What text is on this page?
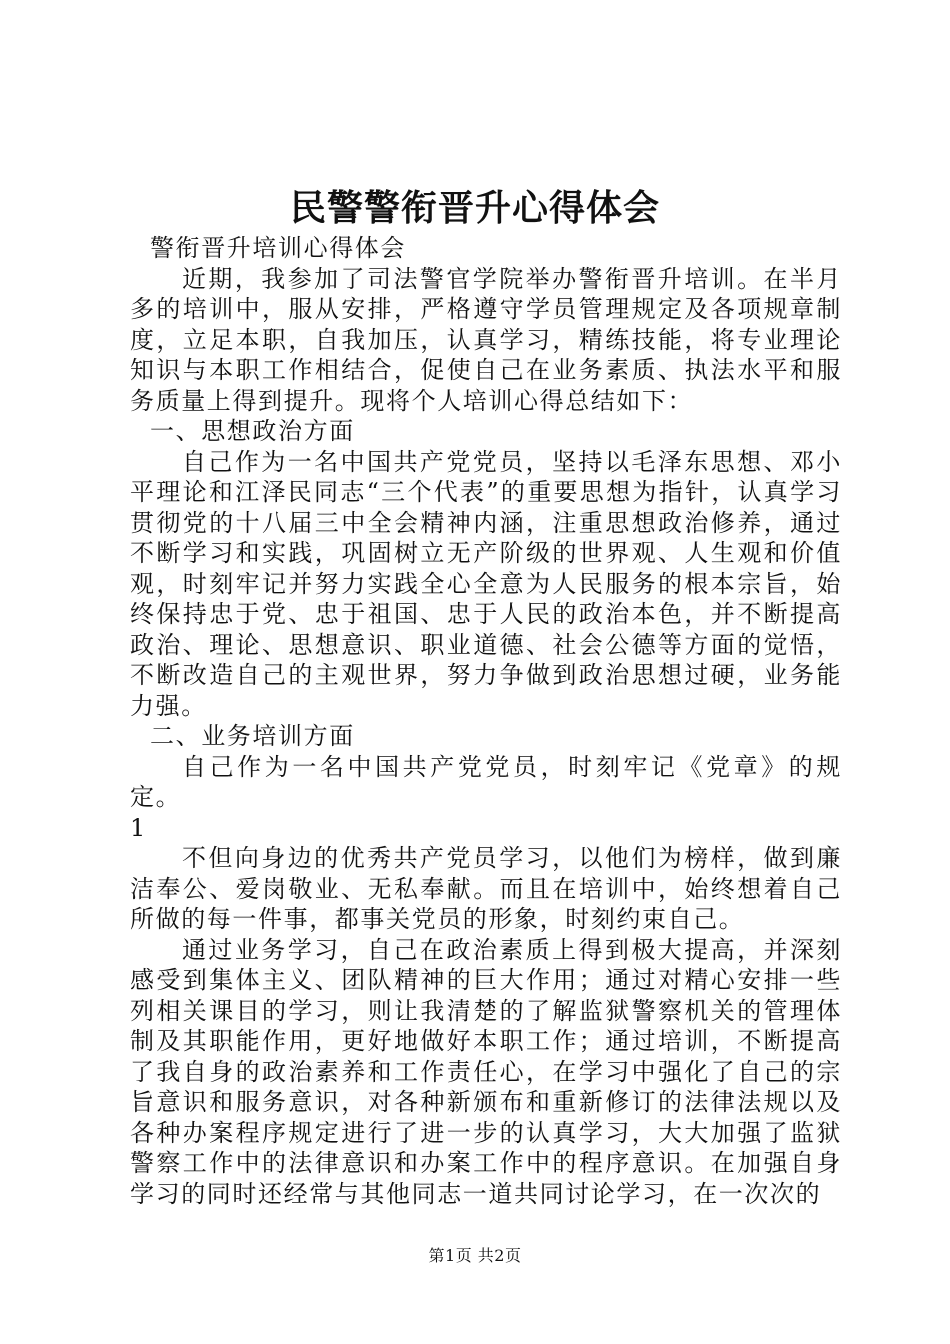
民警警衔晋升心得体会

警衔晋升培训心得体会

近期，我参加了司法警官学院举办警衔晋升培训。在半月多的培训中，服从安排，严格遵守学员管理规定及各项规章制度，立足本职，自我加压，认真学习，精练技能，将专业理论知识与本职工作相结合，促使自己在业务素质、执法水平和服务质量上得到提升。现将个人培训心得总结如下：

一、思想政治方面

自己作为一名中国共产党党员，坚持以毛泽东思想、邓小平理论和江泽民同志“三个代表”的重要思想为指针，认真学习贯彻党的十八届三中全会精神内涵，注重思想政治修养，通过不断学习和实践，巩固树立无产阶级的世界观、人生观和价值观，时刻牢记并努力实践全心全意为人民服务的根本宗旨，始终保持忠于党、忠于祖国、忠于人民的政治本色，并不断提高政治、理论、思想意识、职业道德、社会公德等方面的觉悟，不断改造自己的主观世界，努力争做到政治思想过硬，业务能力强。

二、业务培训方面

自己作为一名中国共产党党员，时刻牢记《党章》的规定。

1

不但向身边的优秀共产党员学习，以他们为榜样，做到廉洁奉公、爱岗敬业、无私奉献。而且在培训中，始终想着自己所做的每一件事，都事关党员的形象，时刻约束自己。

通过业务学习，自己在政治素质上得到极大提高，并深刻感受到集体主义、团队精神的巨大作用；通过对精心安排一些列相关课目的学习，则让我清楚的了解监狱警察机关的管理体制及其职能作用，更好地做好本职工作；通过培训，不断提高了我自身的政治素养和工作责任心，在学习中强化了自己的宗旨意识和服务意识，对各种新颁布和重新修订的法律法规以及各种办案程序规定进行了进一步的认真学习，大大加强了监狱警察工作中的法律意识和办案工作中的程序意识。在加强自身学习的同时还经常与其他同志一道共同讨论学习，在一次次的

第1页 共2页
